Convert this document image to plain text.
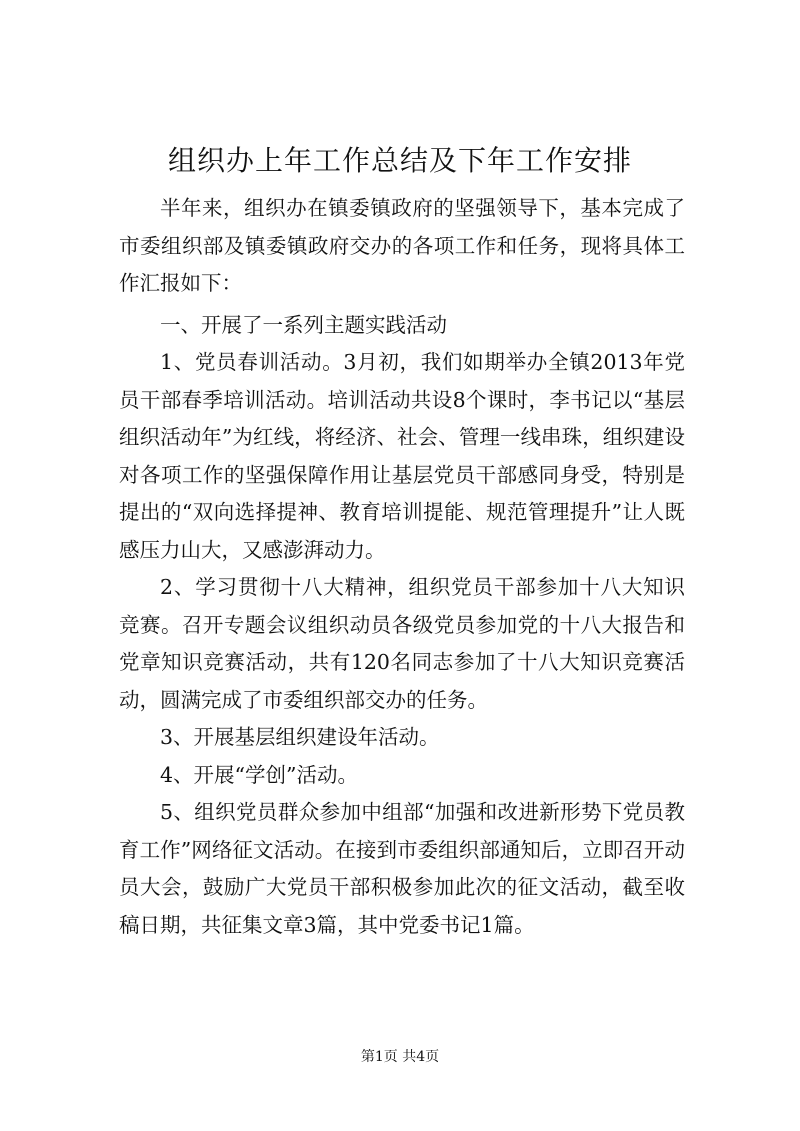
组织办上年工作总结及下年工作安排

半年来，组织办在镇委镇政府的坚强领导下，基本完成了市委组织部及镇委镇政府交办的各项工作和任务，现将具体工作汇报如下：

一、开展了一系列主题实践活动

1、党员春训活动。3月初，我们如期举办全镇2013年党员干部春季培训活动。培训活动共设8个课时，李书记以“基层组织活动年”为红线，将经济、社会、管理一线串珠，组织建设对各项工作的坚强保障作用让基层党员干部感同身受，特别是提出的“双向选择提神、教育培训提能、规范管理提升”让人既感压力山大，又感澎湃动力。

2、学习贯彻十八大精神，组织党员干部参加十八大知识竞赛。召开专题会议组织动员各级党员参加党的十八大报告和党章知识竞赛活动，共有120名同志参加了十八大知识竞赛活动，圆满完成了市委组织部交办的任务。

3、开展基层组织建设年活动。

4、开展“学创”活动。

5、组织党员群众参加中组部“加强和改进新形势下党员教育工作”网络征文活动。在接到市委组织部通知后，立即召开动员大会，鼓励广大党员干部积极参加此次的征文活动，截至收稿日期，共征集文章3篇，其中党委书记1篇。

第1页 共4页
